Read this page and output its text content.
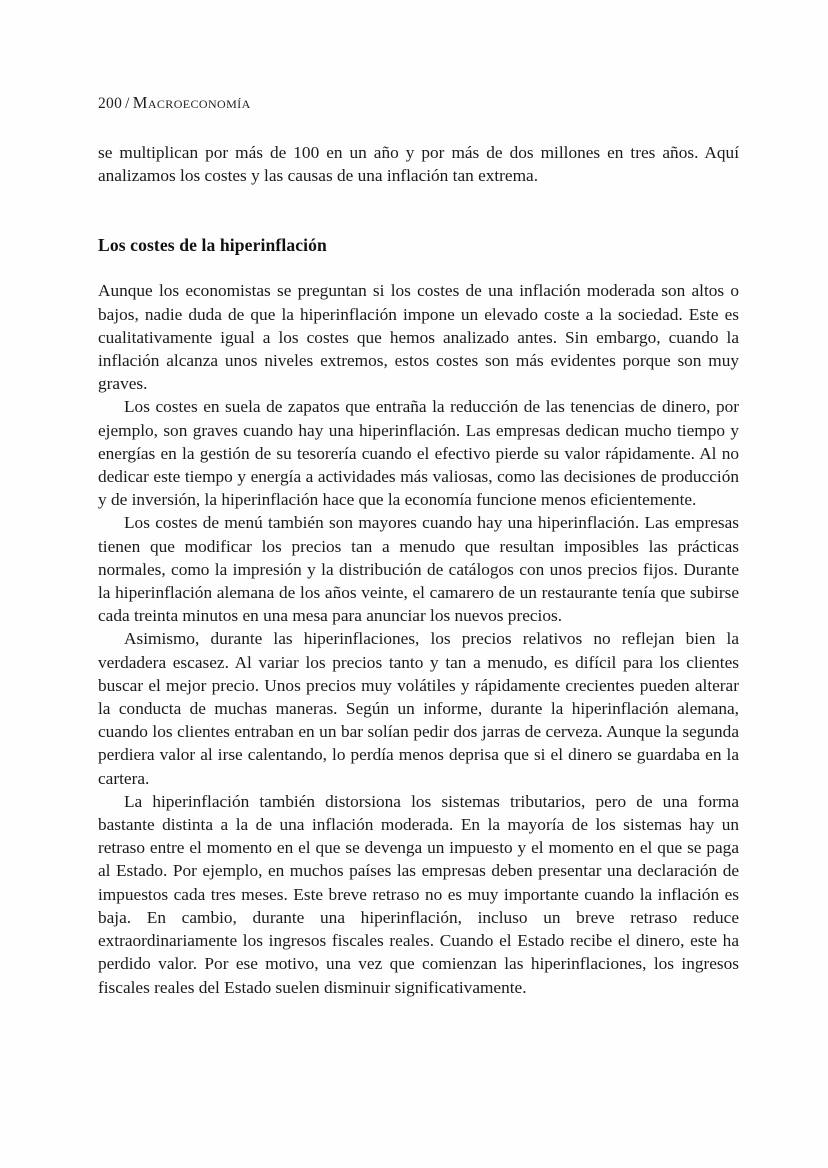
200 / Macroeconomía

se multiplican por más de 100 en un año y por más de dos millones en tres años. Aquí analizamos los costes y las causas de una inflación tan extrema.

Los costes de la hiperinflación

Aunque los economistas se preguntan si los costes de una inflación moderada son altos o bajos, nadie duda de que la hiperinflación impone un elevado coste a la sociedad. Este es cualitativamente igual a los costes que hemos analizado antes. Sin embargo, cuando la inflación alcanza unos niveles extremos, estos costes son más evidentes porque son muy graves.

Los costes en suela de zapatos que entraña la reducción de las tenencias de dinero, por ejemplo, son graves cuando hay una hiperinflación. Las empresas dedican mucho tiempo y energías en la gestión de su tesorería cuando el efectivo pierde su valor rápidamente. Al no dedicar este tiempo y energía a actividades más valiosas, como las decisiones de producción y de inversión, la hiperinflación hace que la economía funcione menos eficientemente.

Los costes de menú también son mayores cuando hay una hiperinflación. Las empresas tienen que modificar los precios tan a menudo que resultan imposibles las prácticas normales, como la impresión y la distribución de catálogos con unos precios fijos. Durante la hiperinflación alemana de los años veinte, el camarero de un restaurante tenía que subirse cada treinta minutos en una mesa para anunciar los nuevos precios.

Asimismo, durante las hiperinflaciones, los precios relativos no reflejan bien la verdadera escasez. Al variar los precios tanto y tan a menudo, es difícil para los clientes buscar el mejor precio. Unos precios muy volátiles y rápidamente crecientes pueden alterar la conducta de muchas maneras. Según un informe, durante la hiperinflación alemana, cuando los clientes entraban en un bar solían pedir dos jarras de cerveza. Aunque la segunda perdiera valor al irse calentando, lo perdía menos deprisa que si el dinero se guardaba en la cartera.

La hiperinflación también distorsiona los sistemas tributarios, pero de una forma bastante distinta a la de una inflación moderada. En la mayoría de los sistemas hay un retraso entre el momento en el que se devenga un impuesto y el momento en el que se paga al Estado. Por ejemplo, en muchos países las empresas deben presentar una declaración de impuestos cada tres meses. Este breve retraso no es muy importante cuando la inflación es baja. En cambio, durante una hiperinflación, incluso un breve retraso reduce extraordinariamente los ingresos fiscales reales. Cuando el Estado recibe el dinero, este ha perdido valor. Por ese motivo, una vez que comienzan las hiperinflaciones, los ingresos fiscales reales del Estado suelen disminuir significativamente.
